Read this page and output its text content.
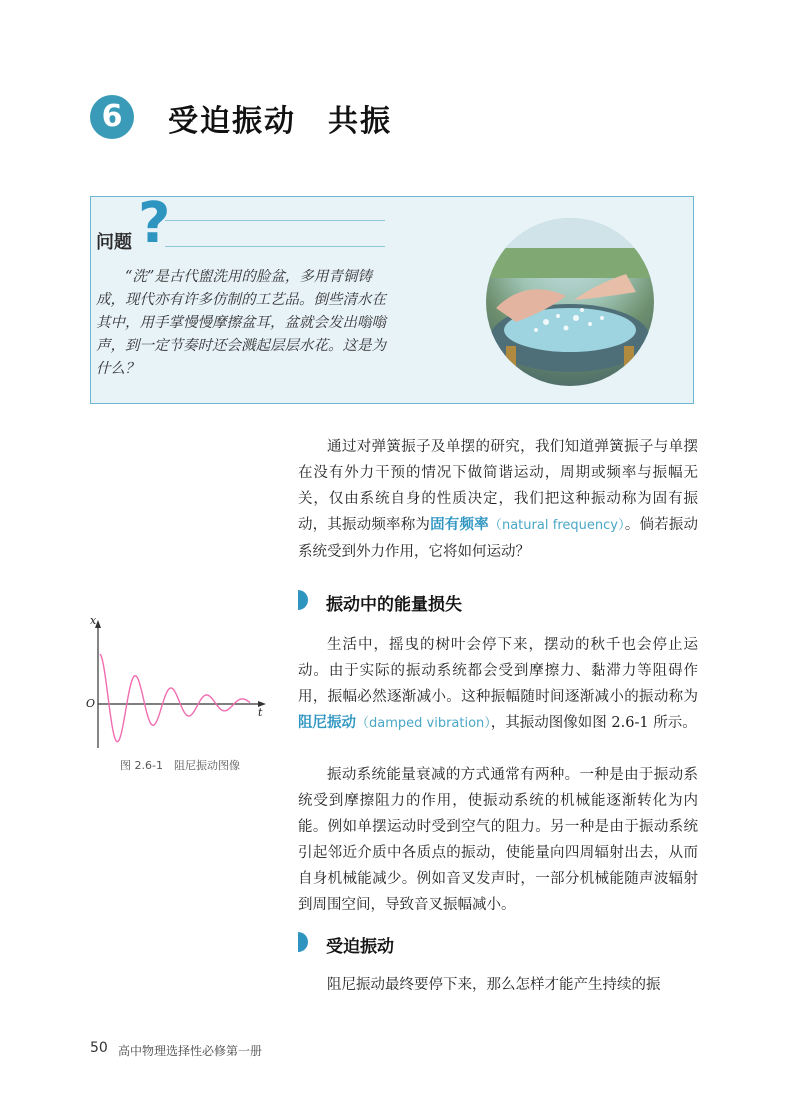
6	受迫振动　共振
问题 ?
“洗”是古代盥洗用的脸盆，多用青铜铸成，现代亦有许多仿制的工艺品。倒些清水在其中，用手掌慢慢摩擦盆耳，盆就会发出嗡嗡声，到一定节奏时还会溅起层层水花。这是为什么？
通过对弹簧振子及单摆的研究，我们知道弹簧振子与单摆在没有外力干预的情况下做简谐运动，周期或频率与振幅无关，仅由系统自身的性质决定，我们把这种振动称为固有振动，其振动频率称为固有频率（natural frequency）。倘若振动系统受到外力作用，它将如何运动？
振动中的能量损失
生活中，摇曳的树叶会停下来，摆动的秋千也会停止运动。由于实际的振动系统都会受到摩擦力、黏滞力等阻碍作用，振幅必然逐渐减小。这种振幅随时间逐渐减小的振动称为阻尼振动（damped vibration），其振动图像如图 2.6-1 所示。
振动系统能量衰减的方式通常有两种。一种是由于振动系统受到摩擦阻力的作用，使振动系统的机械能逐渐转化为内能。例如单摆运动时受到空气的阻力。另一种是由于振动系统引起邻近介质中各质点的振动，使能量向四周辐射出去，从而自身机械能减少。例如音叉发声时，一部分机械能随声波辐射到周围空间，导致音叉振幅减小。
x
t
O
图 2.6-1　阻尼振动图像
受迫振动
阻尼振动最终要停下来，那么怎样才能产生持续的振
50 高中物理选择性必修第一册
